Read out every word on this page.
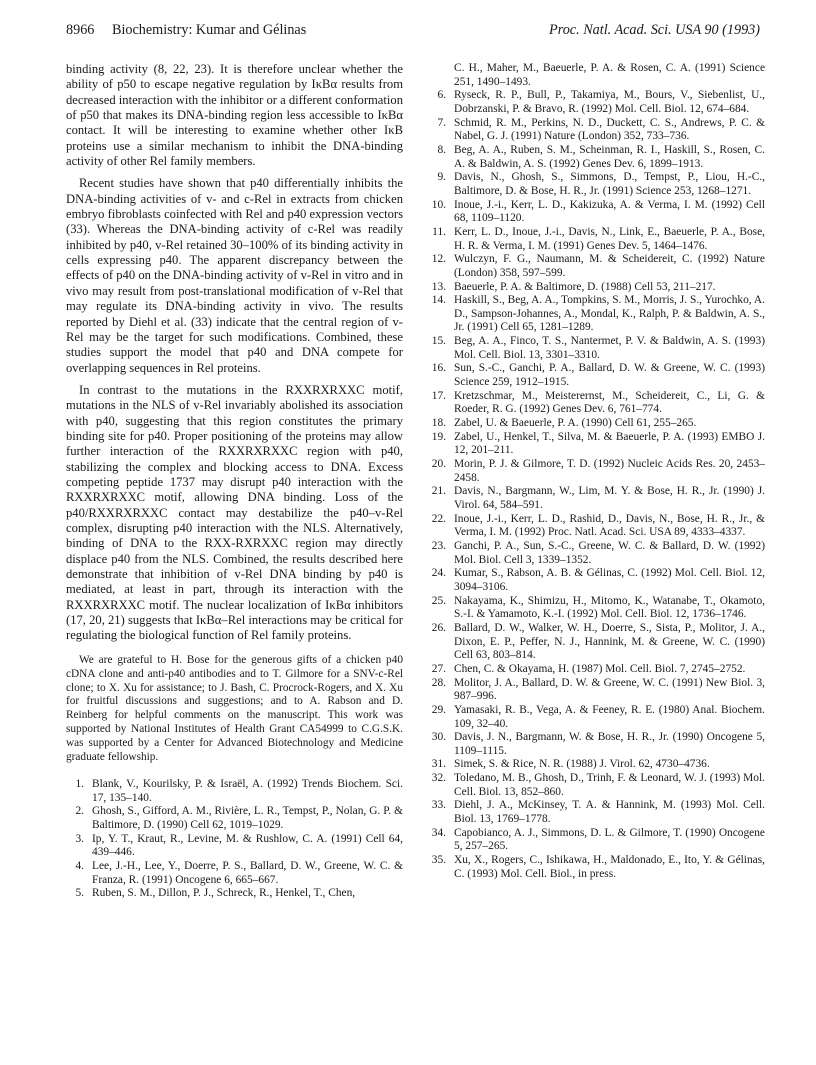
8966 Biochemistry: Kumar and Gélinas	Proc. Natl. Acad. Sci. USA 90 (1993)

binding activity (8, 22, 23). It is therefore unclear whether the ability of p50 to escape negative regulation by IκBα results from decreased interaction with the inhibitor or a different conformation of p50 that makes its DNA-binding region less accessible to IκBα contact. It will be interesting to examine whether other IκB proteins use a similar mechanism to inhibit the DNA-binding activity of other Rel family members.

Recent studies have shown that p40 differentially inhibits the DNA-binding activities of v- and c-Rel in extracts from chicken embryo fibroblasts coinfected with Rel and p40 expression vectors (33). Whereas the DNA-binding activity of c-Rel was readily inhibited by p40, v-Rel retained 30–100% of its binding activity in cells expressing p40. The apparent discrepancy between the effects of p40 on the DNA-binding activity of v-Rel in vitro and in vivo may result from post-translational modification of v-Rel that may regulate its DNA-binding activity in vivo. The results reported by Diehl et al. (33) indicate that the central region of v-Rel may be the target for such modifications. Combined, these studies support the model that p40 and DNA compete for overlapping sequences in Rel proteins.

In contrast to the mutations in the RXXRXRXXC motif, mutations in the NLS of v-Rel invariably abolished its association with p40, suggesting that this region constitutes the primary binding site for p40. Proper positioning of the proteins may allow further interaction of the RXXRXRXXC region with p40, stabilizing the complex and blocking access to DNA. Excess competing peptide 1737 may disrupt p40 interaction with the RXXRXRXXC motif, allowing DNA binding. Loss of the p40/RXXRXRXXC contact may destabilize the p40–v-Rel complex, disrupting p40 interaction with the NLS. Alternatively, binding of DNA to the RXX-RXRXXC region may directly displace p40 from the NLS. Combined, the results described here demonstrate that inhibition of v-Rel DNA binding by p40 is mediated, at least in part, through its interaction with the RXXRXRXXC motif. The nuclear localization of IκBα inhibitors (17, 20, 21) suggests that IκBα–Rel interactions may be critical for regulating the biological function of Rel family proteins.

We are grateful to H. Bose for the generous gifts of a chicken p40 cDNA clone and anti-p40 antibodies and to T. Gilmore for a SNV-c-Rel clone; to X. Xu for assistance; to J. Bash, C. Procrock-Rogers, and X. Xu for fruitful discussions and suggestions; and to A. Rabson and D. Reinberg for helpful comments on the manuscript. This work was supported by National Institutes of Health Grant CA54999 to C.G.S.K. was supported by a Center for Advanced Biotechnology and Medicine graduate fellowship.

1. Blank, V., Kourilsky, P. & Israël, A. (1992) Trends Biochem. Sci. 17, 135–140.
2. Ghosh, S., Gifford, A. M., Rivière, L. R., Tempst, P., Nolan, G. P. & Baltimore, D. (1990) Cell 62, 1019–1029.
3. Ip, Y. T., Kraut, R., Levine, M. & Rushlow, C. A. (1991) Cell 64, 439–446.
4. Lee, J.-H., Lee, Y., Doerre, P. S., Ballard, D. W., Greene, W. C. & Franza, R. (1991) Oncogene 6, 665–667.
5. Ruben, S. M., Dillon, P. J., Schreck, R., Henkel, T., Chen,
C. H., Maher, M., Baeuerle, P. A. & Rosen, C. A. (1991) Science 251, 1490–1493.
6. Ryseck, R. P., Bull, P., Takamiya, M., Bours, V., Siebenlist, U., Dobrzanski, P. & Bravo, R. (1992) Mol. Cell. Biol. 12, 674–684.
7. Schmid, R. M., Perkins, N. D., Duckett, C. S., Andrews, P. C. & Nabel, G. J. (1991) Nature (London) 352, 733–736.
8. Beg, A. A., Ruben, S. M., Scheinman, R. I., Haskill, S., Rosen, C. A. & Baldwin, A. S. (1992) Genes Dev. 6, 1899–1913.
9. Davis, N., Ghosh, S., Simmons, D., Tempst, P., Liou, H.-C., Baltimore, D. & Bose, H. R., Jr. (1991) Science 253, 1268–1271.
10. Inoue, J.-i., Kerr, L. D., Kakizuka, A. & Verma, I. M. (1992) Cell 68, 1109–1120.
11. Kerr, L. D., Inoue, J.-i., Davis, N., Link, E., Baeuerle, P. A., Bose, H. R. & Verma, I. M. (1991) Genes Dev. 5, 1464–1476.
12. Wulczyn, F. G., Naumann, M. & Scheidereit, C. (1992) Nature (London) 358, 597–599.
13. Baeuerle, P. A. & Baltimore, D. (1988) Cell 53, 211–217.
14. Haskill, S., Beg, A. A., Tompkins, S. M., Morris, J. S., Yurochko, A. D., Sampson-Johannes, A., Mondal, K., Ralph, P. & Baldwin, A. S., Jr. (1991) Cell 65, 1281–1289.
15. Beg, A. A., Finco, T. S., Nantermet, P. V. & Baldwin, A. S. (1993) Mol. Cell. Biol. 13, 3301–3310.
16. Sun, S.-C., Ganchi, P. A., Ballard, D. W. & Greene, W. C. (1993) Science 259, 1912–1915.
17. Kretzschmar, M., Meisterernst, M., Scheidereit, C., Li, G. & Roeder, R. G. (1992) Genes Dev. 6, 761–774.
18. Zabel, U. & Baeuerle, P. A. (1990) Cell 61, 255–265.
19. Zabel, U., Henkel, T., Silva, M. & Baeuerle, P. A. (1993) EMBO J. 12, 201–211.
20. Morin, P. J. & Gilmore, T. D. (1992) Nucleic Acids Res. 20, 2453–2458.
21. Davis, N., Bargmann, W., Lim, M. Y. & Bose, H. R., Jr. (1990) J. Virol. 64, 584–591.
22. Inoue, J.-i., Kerr, L. D., Rashid, D., Davis, N., Bose, H. R., Jr., & Verma, I. M. (1992) Proc. Natl. Acad. Sci. USA 89, 4333–4337.
23. Ganchi, P. A., Sun, S.-C., Greene, W. C. & Ballard, D. W. (1992) Mol. Biol. Cell 3, 1339–1352.
24. Kumar, S., Rabson, A. B. & Gélinas, C. (1992) Mol. Cell. Biol. 12, 3094–3106.
25. Nakayama, K., Shimizu, H., Mitomo, K., Watanabe, T., Okamoto, S.-I. & Yamamoto, K.-I. (1992) Mol. Cell. Biol. 12, 1736–1746.
26. Ballard, D. W., Walker, W. H., Doerre, S., Sista, P., Molitor, J. A., Dixon, E. P., Peffer, N. J., Hannink, M. & Greene, W. C. (1990) Cell 63, 803–814.
27. Chen, C. & Okayama, H. (1987) Mol. Cell. Biol. 7, 2745–2752.
28. Molitor, J. A., Ballard, D. W. & Greene, W. C. (1991) New Biol. 3, 987–996.
29. Yamasaki, R. B., Vega, A. & Feeney, R. E. (1980) Anal. Biochem. 109, 32–40.
30. Davis, J. N., Bargmann, W. & Bose, H. R., Jr. (1990) Oncogene 5, 1109–1115.
31. Simek, S. & Rice, N. R. (1988) J. Virol. 62, 4730–4736.
32. Toledano, M. B., Ghosh, D., Trinh, F. & Leonard, W. J. (1993) Mol. Cell. Biol. 13, 852–860.
33. Diehl, J. A., McKinsey, T. A. & Hannink, M. (1993) Mol. Cell. Biol. 13, 1769–1778.
34. Capobianco, A. J., Simmons, D. L. & Gilmore, T. (1990) Oncogene 5, 257–265.
35. Xu, X., Rogers, C., Ishikawa, H., Maldonado, E., Ito, Y. & Gélinas, C. (1993) Mol. Cell. Biol., in press.
